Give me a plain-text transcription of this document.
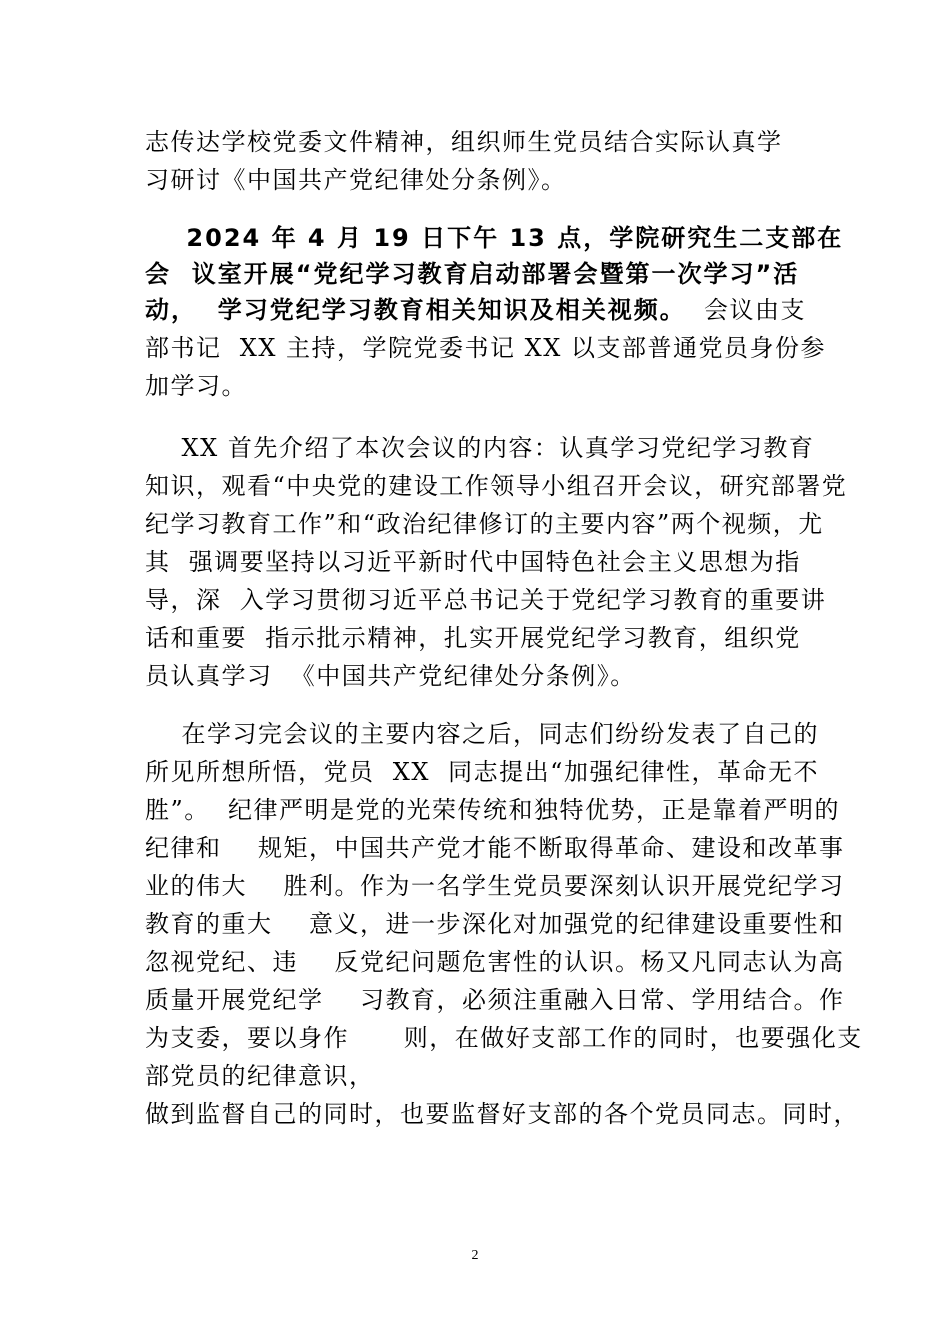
志传达学校党委文件精神，组织师生党员结合实际认真学
习研讨《中国共产党纪律处分条例》。
2024 年 4 月 19 日下午 13 点，学院研究生二支部在
会  议室开展“党纪学习教育启动部署会暨第一次学习”活
动，  学习党纪学习教育相关知识及相关视频。  会议由支
部书记  XX 主持，学院党委书记 XX 以支部普通党员身份参
加学习。
XX 首先介绍了本次会议的内容：认真学习党纪学习教育
知识，观看“中央党的建设工作领导小组召开会议，研究部署党
纪学习教育工作”和“政治纪律修订的主要内容”两个视频，尤
其  强调要坚持以习近平新时代中国特色社会主义思想为指
导，深  入学习贯彻习近平总书记关于党纪学习教育的重要讲
话和重要  指示批示精神，扎实开展党纪学习教育，组织党
员认真学习  《中国共产党纪律处分条例》。
在学习完会议的主要内容之后，同志们纷纷发表了自己的
所见所想所悟，党员  XX  同志提出“加强纪律性，革命无不
胜”。  纪律严明是党的光荣传统和独特优势，正是靠着严明的
纪律和    规矩，中国共产党才能不断取得革命、建设和改革事
业的伟大    胜利。作为一名学生党员要深刻认识开展党纪学习
教育的重大    意义，进一步深化对加强党的纪律建设重要性和
忽视党纪、违    反党纪问题危害性的认识。杨又凡同志认为高
质量开展党纪学    习教育，必须注重融入日常、学用结合。作
为支委，要以身作      则，在做好支部工作的同时，也要强化支
部党员的纪律意识，
做到监督自己的同时，也要监督好支部的各个党员同志。同时，
2
